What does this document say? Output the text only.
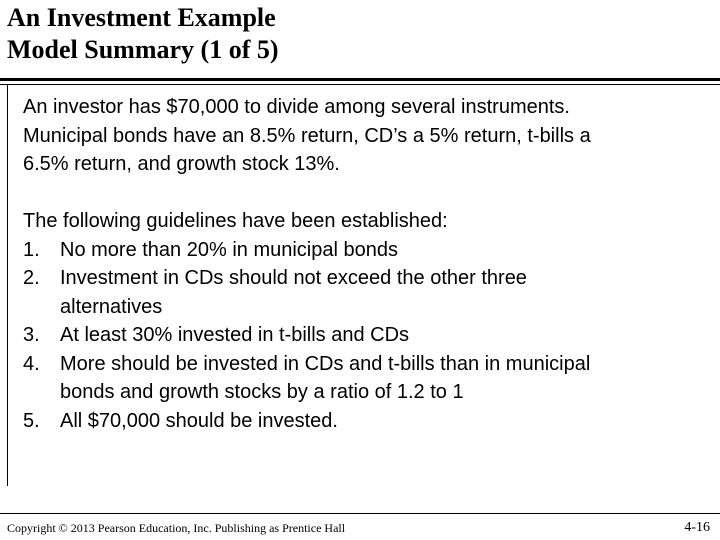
An Investment Example
Model Summary (1 of 5)

An investor has $70,000 to divide among several instruments.
Municipal bonds have an 8.5% return, CD’s a 5% return, t-bills a
6.5% return, and growth stock 13%.

The following guidelines have been established:

1.	No more than 20% in municipal bonds
2.	Investment in CDs should not exceed the other three
alternatives
3.	At least 30% invested in t-bills and CDs
4.	More should be invested in CDs and t-bills than in municipal
bonds and growth stocks by a ratio of 1.2 to 1
5.	All $70,000 should be invested.
Copyright © 2013 Pearson Education, Inc. Publishing as Prentice Hall	4-16
